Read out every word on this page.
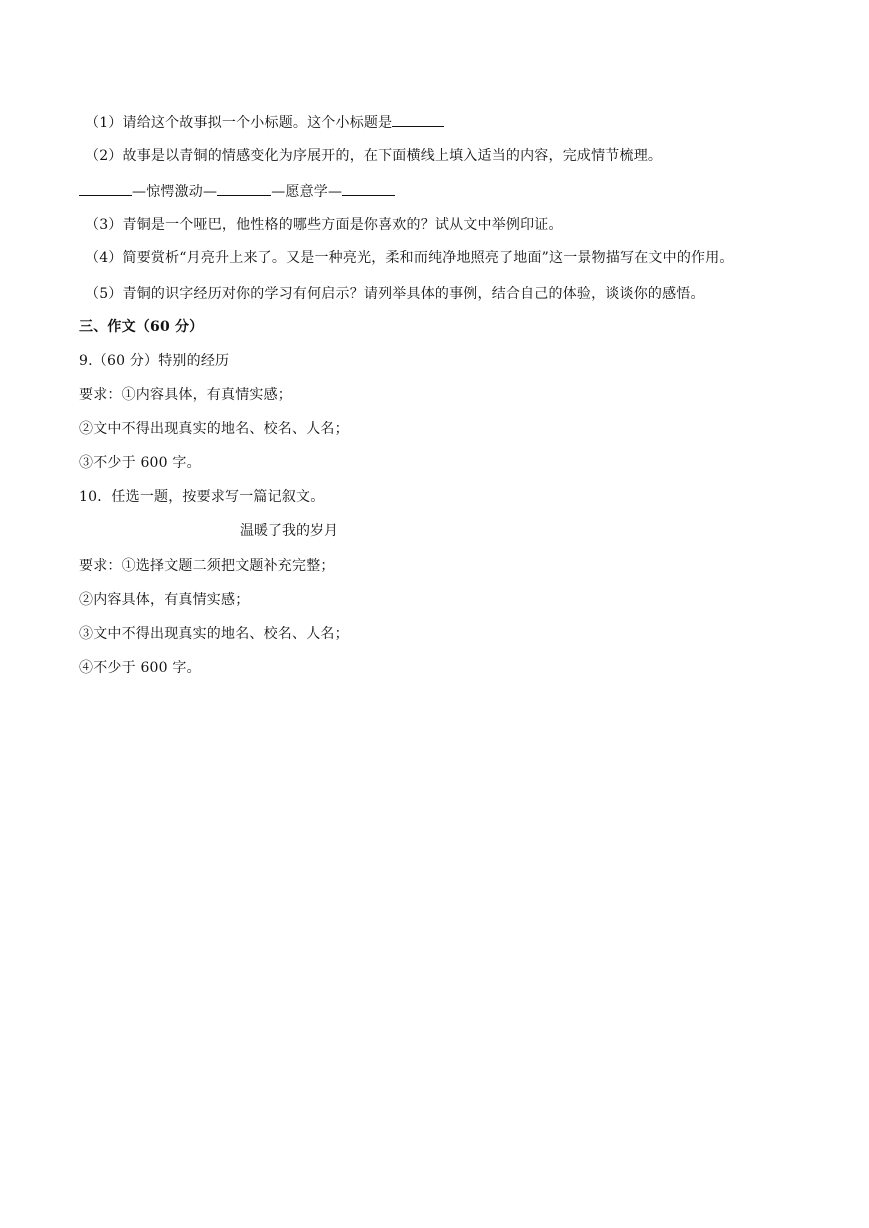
（1）请给这个故事拟一个小标题。这个小标题是
（2）故事是以青铜的情感变化为序展开的，在下面横线上填入适当的内容，完成情节梳理。
—惊愕激动—	—愿意学—
（3）青铜是一个哑巴，他性格的哪些方面是你喜欢的？试从文中举例印证。
（4）简要赏析“月亮升上来了。又是一种亮光，柔和而纯净地照亮了地面”这一景物描写在文中的作用。
（5）青铜的识字经历对你的学习有何启示？请列举具体的事例，结合自己的体验，谈谈你的感悟。
三、作文（60 分）
9.（60 分）特别的经历
要求：①内容具体，有真情实感；
②文中不得出现真实的地名、校名、人名；
③不少于 600 字。
10．任选一题，按要求写一篇记叙文。
温暖了我的岁月
要求：①选择文题二须把文题补充完整；
②内容具体，有真情实感；
③文中不得出现真实的地名、校名、人名；
④不少于 600 字。
